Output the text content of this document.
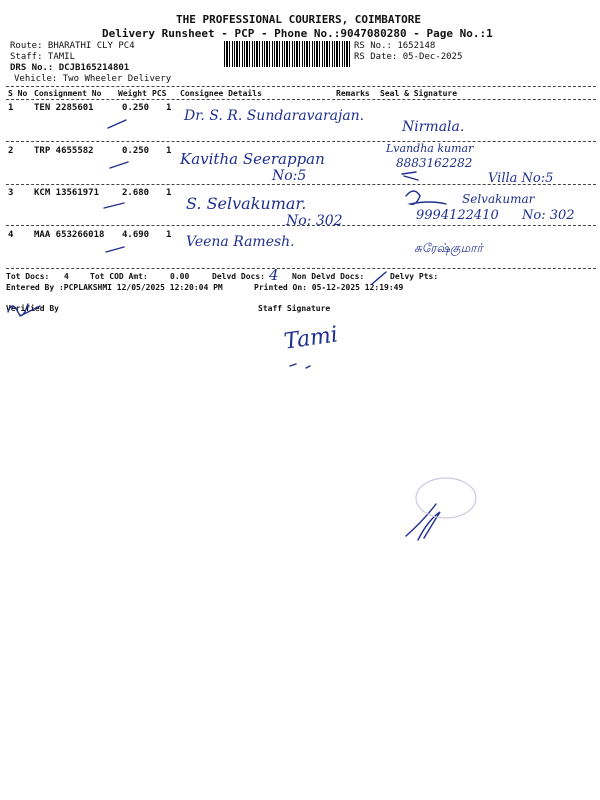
THE PROFESSIONAL COURIERS, COIMBATORE
Delivery Runsheet - PCP - Phone No.:9047080280 - Page No.:1
Route: BHARATHI CLY PC4
Staff: TAMIL
DRS No.: DCJB165214801
Vehicle: Two Wheeler Delivery
RS No.: 1652148
RS Date: 05-Dec-2025
S No Consignment No Weight PCS Consignee Details	Remarks Seal & Signature
1 TEN 2285601	0.250 1 Dr. S. R. Sundaravarajan.
Nirmala.
2 TRP 4655582	0.250 1 Kavitha Seerappan
No:5
Lvandha kumar
8883162282
Villa No:5
3 KCM 13561971	2.680 1
S. Selvakumar.
No: 302
Selvakumar
9994122410 No: 302
4 MAA 653266018 4.690 1 Veena Ramesh.	சுரேஷ்குமார்
Tot Docs: 4	Tot COD Amt:	0.00	Delvd Docs: 4 Non Delvd Docs:	Delvy Pts:
Entered By :PCPLAKSHMI 12/05/2025 12:20:04 PM	Printed On: 05-12-2025 12:19:49
Verified By	Staff Signature
Tami
